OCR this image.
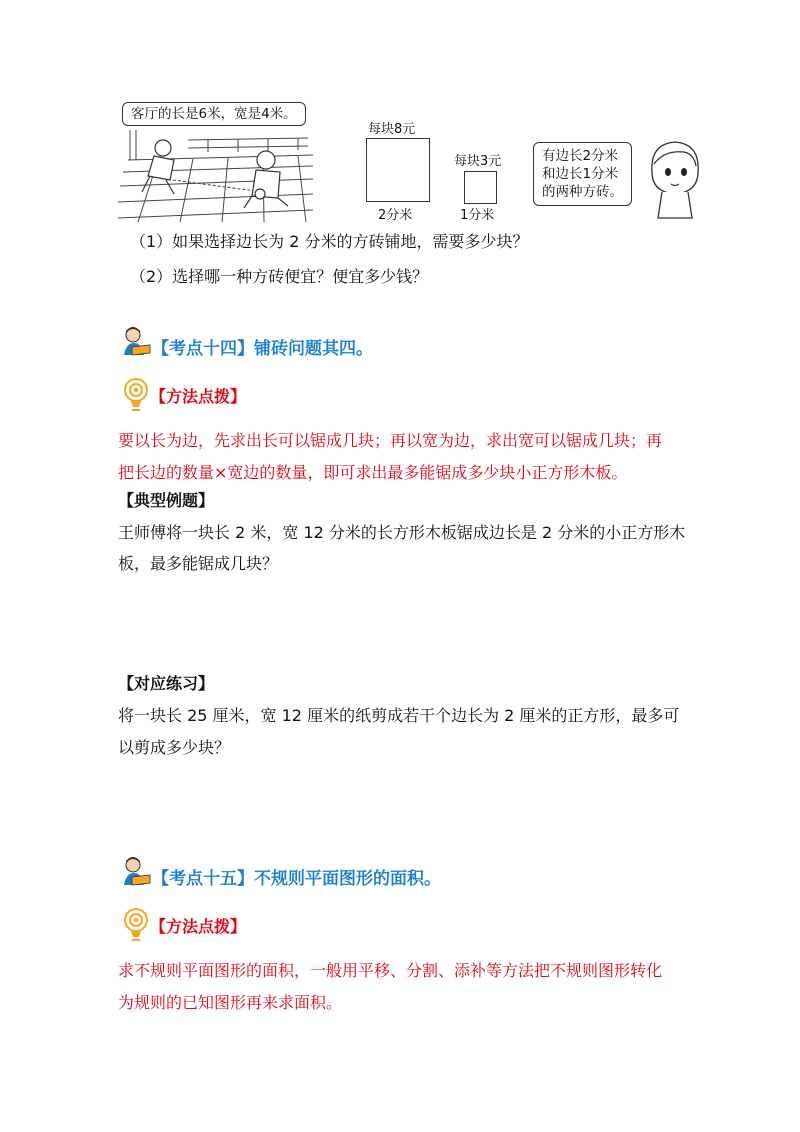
客厅的长是6米，宽是4米。
每块8元
2分米
每块3元
1分米
有边长2分米
和边长1分米
的两种方砖。
（1）如果选择边长为 2 分米的方砖铺地，需要多少块？
（2）选择哪一种方砖便宜？便宜多少钱？
【考点十四】铺砖问题其四。
【方法点拨】
要以长为边，先求出长可以锯成几块；再以宽为边，求出宽可以锯成几块；再
把长边的数量×宽边的数量，即可求出最多能锯成多少块小正方形木板。
【典型例题】
王师傅将一块长 2 米，宽 12 分米的长方形木板锯成边长是 2 分米的小正方形木
板，最多能锯成几块？
【对应练习】
将一块长 25 厘米，宽 12 厘米的纸剪成若干个边长为 2 厘米的正方形，最多可
以剪成多少块？
【考点十五】不规则平面图形的面积。
【方法点拨】
求不规则平面图形的面积，一般用平移、分割、添补等方法把不规则图形转化
为规则的已知图形再来求面积。
